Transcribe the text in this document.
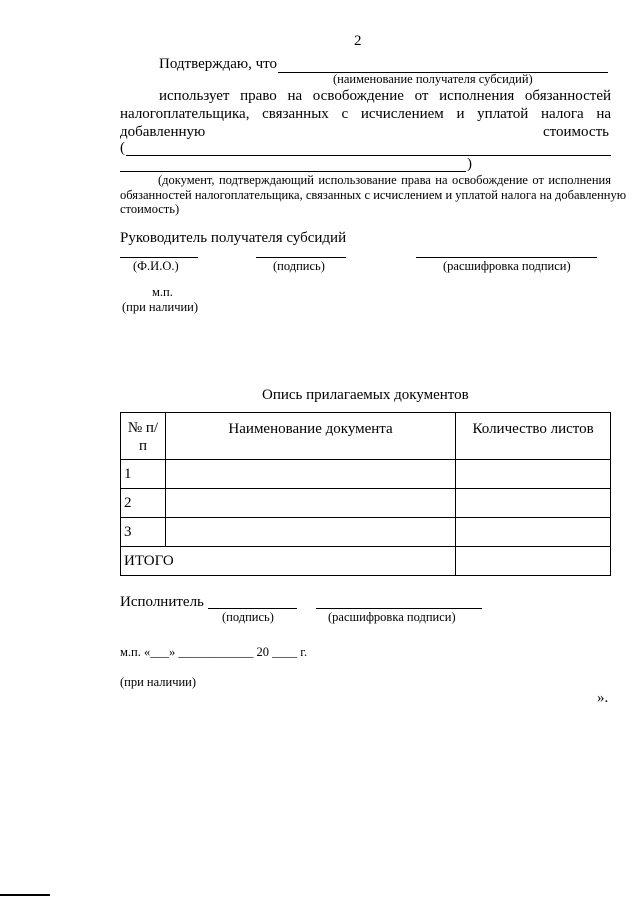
2
Подтверждаю, что
(наименование получателя субсидий)
использует право на освобождение от исполнения обязанностей
налогоплательщика, связанных с исчислением и уплатой налога на
добавленную	стоимость
(
)
(документ, подтверждающий использование права на освобождение от исполнения
обязанностей налогоплательщика, связанных с исчислением и уплатой налога на добавленную
стоимость)
Руководитель получателя субсидий
(Ф.И.О.)	(подпись)	(расшифровка подписи)
м.п.
(при наличии)
Опись прилагаемых документов
№ п/п	Наименование документа	Количество листов
1		
2		
3		
ИТОГО		
Исполнитель
(подпись)	(расшифровка подписи)
м.п. «___» ____________ 20 ____ г.
(при наличии)
».
